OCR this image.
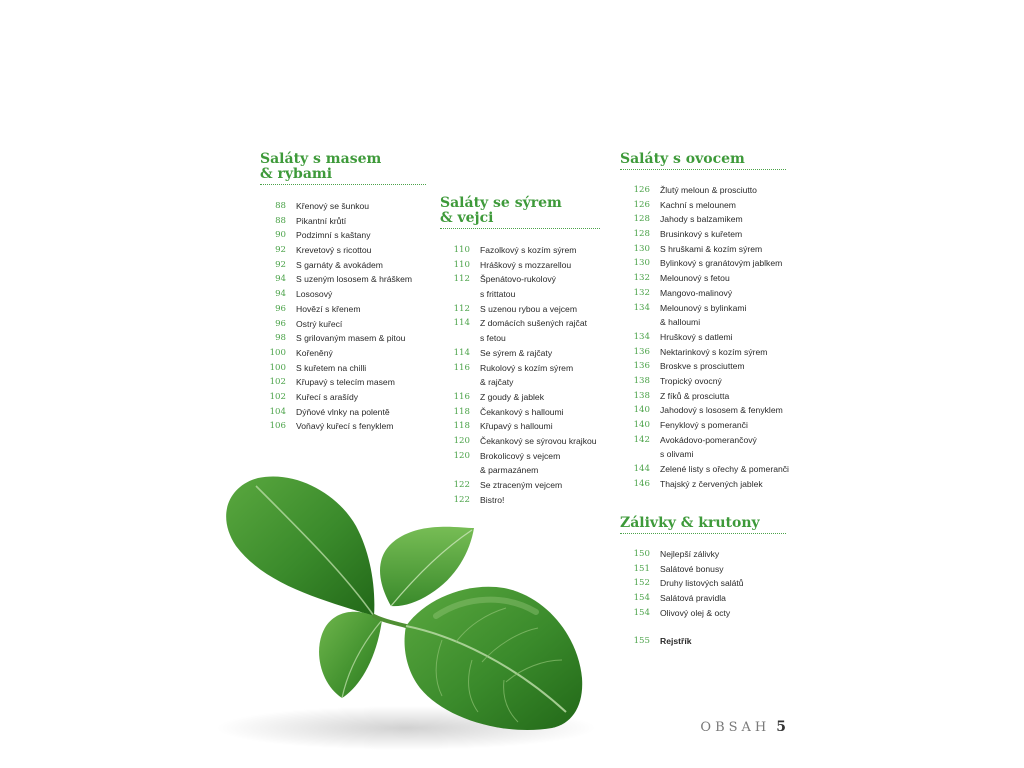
Saláty s masem
& rybami
88 Křenový se šunkou
88 Pikantní krůtí
90 Podzimní s kaštany
92 Krevetový s ricottou
92 S garnáty & avokádem
94 S uzeným lososem & hráškem
94 Lososový
96 Hovězí s křenem
96 Ostrý kuřecí
98 S grilovaným masem & pitou
100 Kořeněný
100 S kuřetem na chilli
102 Křupavý s telecím masem
102 Kuřecí s arašídy
104 Dýňové vlnky na polentě
106 Voňavý kuřecí s fenyklem
Saláty se sýrem
& vejci
110 Fazolkový s kozím sýrem
110 Hráškový s mozzarellou
112 Špenátovo-rukolový
s frittatou
112 S uzenou rybou a vejcem
114 Z domácích sušených rajčat
s fetou
114 Se sýrem & rajčaty
116 Rukolový s kozím sýrem
& rajčaty
116 Z goudy & jablek
118 Čekankový s halloumi
118 Křupavý s halloumi
120 Čekankový se sýrovou krajkou
120 Brokolicový s vejcem
& parmazánem
122 Se ztraceným vejcem
122 Bistro!
Saláty s ovocem
126 Žlutý meloun & prosciutto
126 Kachní s melounem
128 Jahody s balzamikem
128 Brusinkový s kuřetem
130 S hruškami & kozím sýrem
130 Bylinkový s granátovým jablkem
132 Melounový s fetou
132 Mangovo-malinový
134 Melounový s bylinkami
& halloumi
134 Hruškový s datlemi
136 Nektarinkový s kozím sýrem
136 Broskve s prosciuttem
138 Tropický ovocný
138 Z fíků & prosciutta
140 Jahodový s lososem & fenyklem
140 Fenyklový s pomeranči
142 Avokádovo-pomerančový
s olivami
144 Zelené listy s ořechy & pomeranči
146 Thajský z červených jablek
Zálivky & krutony
150 Nejlepší zálivky
151 Salátové bonusy
152 Druhy listových salátů
154 Salátová pravidla
154 Olivový olej & octy
155 Rejstřík
OBSAH 5
